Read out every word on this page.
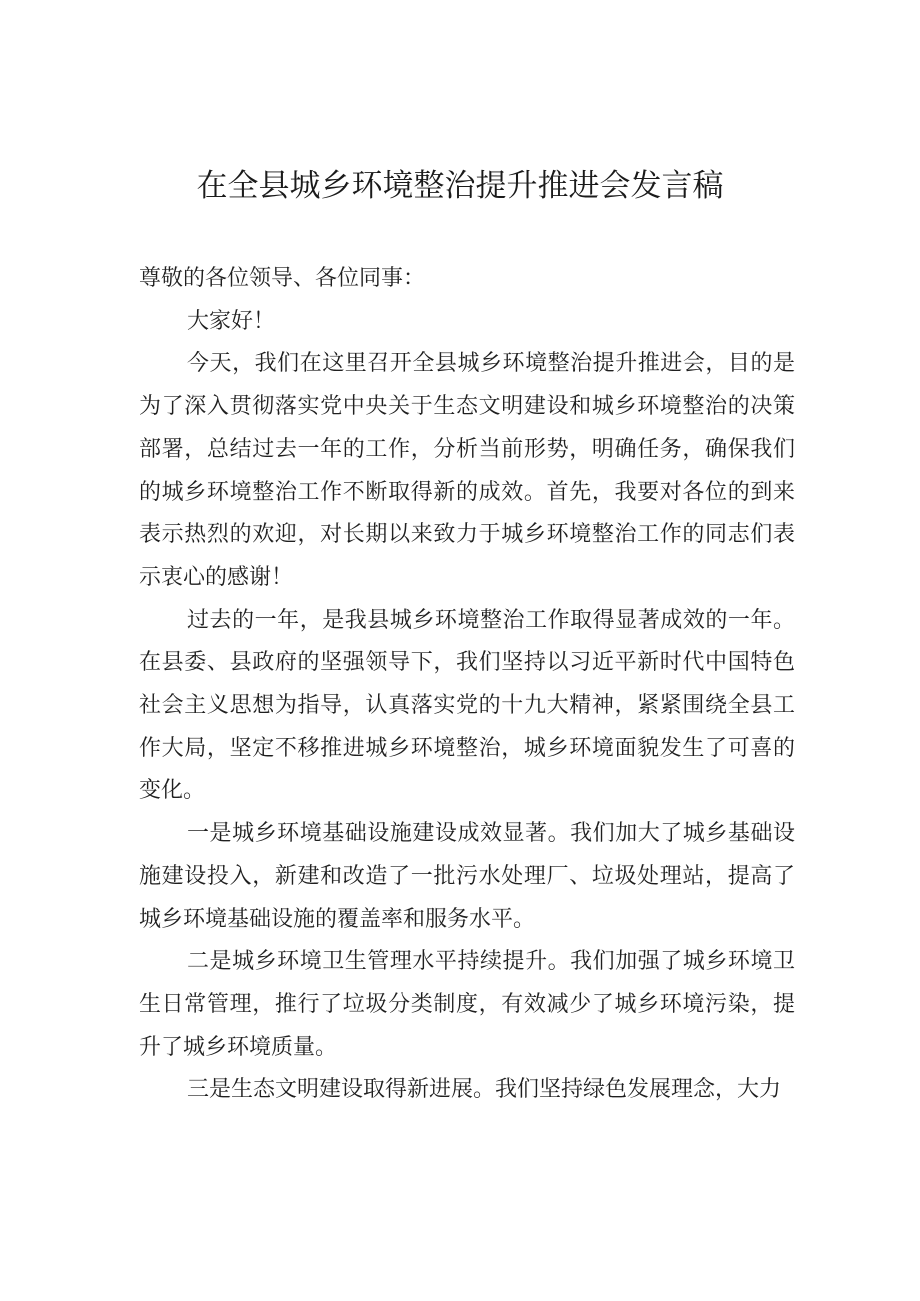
在全县城乡环境整治提升推进会发言稿

尊敬的各位领导、各位同事：

大家好！

今天，我们在这里召开全县城乡环境整治提升推进会，目的是为了深入贯彻落实党中央关于生态文明建设和城乡环境整治的决策部署，总结过去一年的工作，分析当前形势，明确任务，确保我们的城乡环境整治工作不断取得新的成效。首先，我要对各位的到来表示热烈的欢迎，对长期以来致力于城乡环境整治工作的同志们表示衷心的感谢！

过去的一年，是我县城乡环境整治工作取得显著成效的一年。在县委、县政府的坚强领导下，我们坚持以习近平新时代中国特色社会主义思想为指导，认真落实党的十九大精神，紧紧围绕全县工作大局，坚定不移推进城乡环境整治，城乡环境面貌发生了可喜的变化。

一是城乡环境基础设施建设成效显著。我们加大了城乡基础设施建设投入，新建和改造了一批污水处理厂、垃圾处理站，提高了城乡环境基础设施的覆盖率和服务水平。

二是城乡环境卫生管理水平持续提升。我们加强了城乡环境卫生日常管理，推行了垃圾分类制度，有效减少了城乡环境污染，提升了城乡环境质量。

三是生态文明建设取得新进展。我们坚持绿色发展理念，大力
